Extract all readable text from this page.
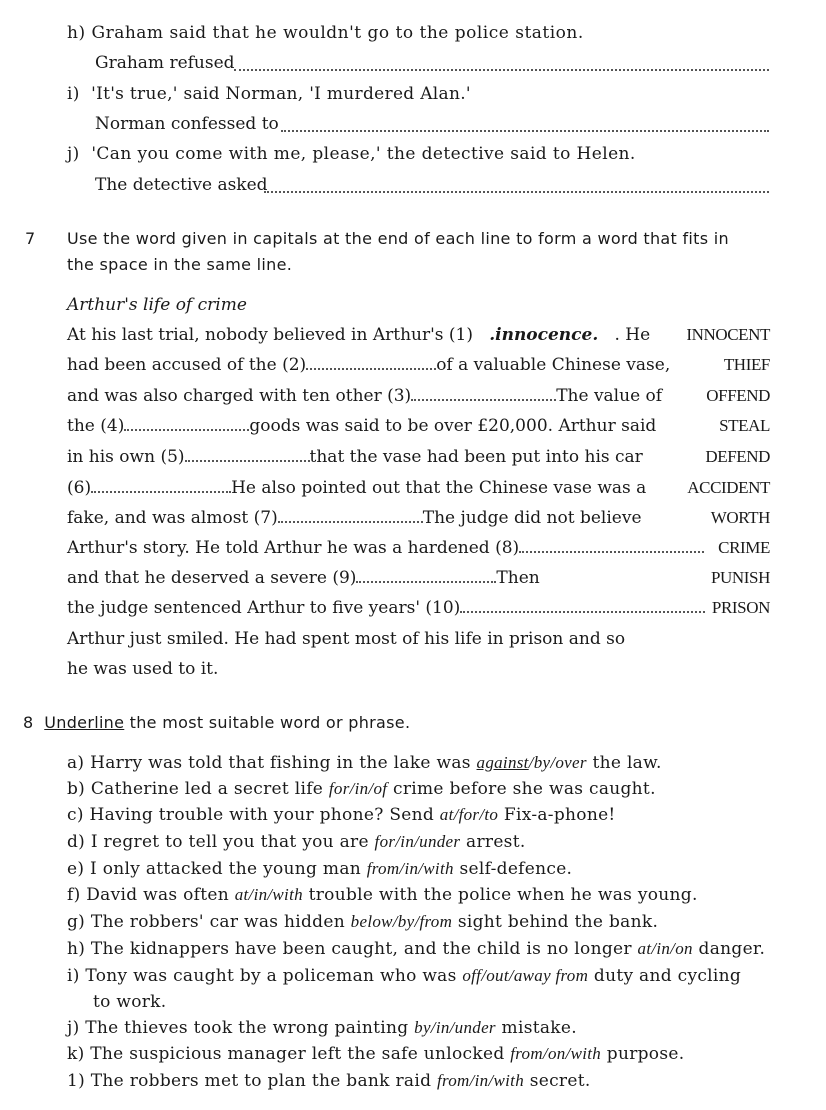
h) Graham said that he wouldn't go to the police station.
Graham refused
i) 'It's true,' said Norman, 'I murdered Alan.'
Norman confessed to
j) 'Can you come with me, please,' the detective said to Helen.
The detective asked
7 Use the word given in capitals at the end of each line to form a word that fits in
the space in the same line.
Arthur's life of crime
At his last trial, nobody believed in Arthur's (1) .innocence.   . He INNOCENT
had been accused of the (2)	of a valuable Chinese vase,	THIEF
and was also charged with ten other (3)	The value of	OFFEND
the (4)	goods was said to be over £20,000. Arthur said	STEAL
in his own (5)	that the vase had been put into his car	DEFEND
(6)	He also pointed out that the Chinese vase was a ACCIDENT
fake, and was almost (7)	The judge did not believe	WORTH
Arthur's story. He told Arthur he was a hardened (8)	CRIME
and that he deserved a severe (9)	Then	PUNISH
the judge sentenced Arthur to five years' (10)	PRISON
Arthur just smiled. He had spent most of his life in prison and so
he was used to it.
8 Underline the most suitable word or phrase.
a) Harry was told that fishing in the lake was against/by/over the law.
b) Catherine led a secret life for/in/of crime before she was caught.
c) Having trouble with your phone? Send at/for/to Fix-a-phone!
d) I regret to tell you that you are for/in/under arrest.
e) I only attacked the young man from/in/with self-defence.
f) David was often at/in/with trouble with the police when he was young.
g) The robbers' car was hidden below/by/from sight behind the bank.
h) The kidnappers have been caught, and the child is no longer at/in/on danger.
i) Tony was caught by a policeman who was off/out/away from duty and cycling
to work.
j) The thieves took the wrong painting by/in/under mistake.
k) The suspicious manager left the safe unlocked from/on/with purpose.
1) The robbers met to plan the bank raid from/in/with secret.
